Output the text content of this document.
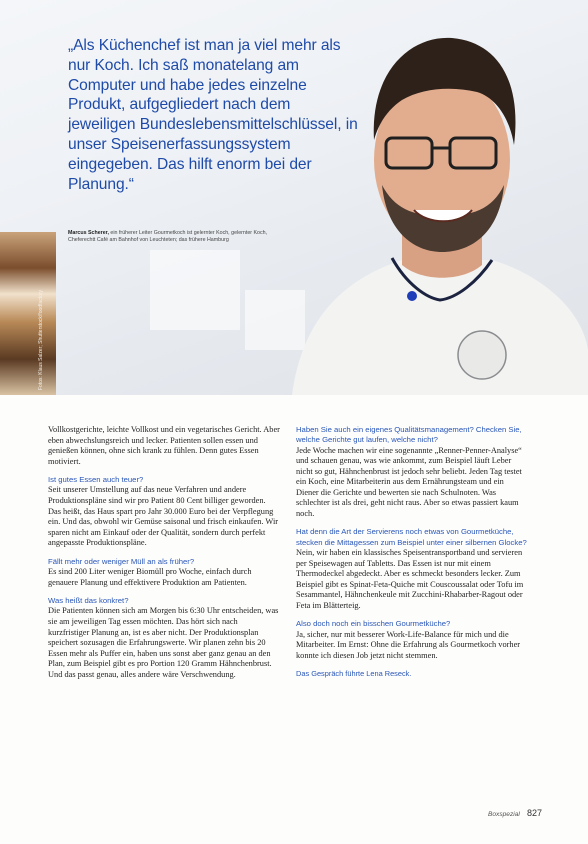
Fotos: Klaus Salzer; Shutterstock/foodfactory
„Als Küchenchef ist man ja viel mehr als nur Koch. Ich saß monatelang am Computer und habe jedes einzelne Produkt, aufgegliedert nach dem jeweiligen Bundeslebensmittelschlüssel, in unser Speisenerfassungssystem eingegeben. Das hilft enorm bei der Planung.“
Marcus Scherer, ein früherer Leiter Gourmetkoch ist gelernter Koch, gelernter Koch, Cheferechtt Café am Bahnhof von Leuchteten; das frühere Hamburg

Vollkostgerichte, leichte Vollkost und ein vegetarisches Gericht. Aber eben abwechslungsreich und lecker. Patienten sollen essen und genießen können, ohne sich krank zu fühlen. Denn gutes Essen motiviert.

Ist gutes Essen auch teuer?

Seit unserer Umstellung auf das neue Verfahren und andere Produktionspläne sind wir pro Patient 80 Cent billiger geworden. Das heißt, das Haus spart pro Jahr 30.000 Euro bei der Verpflegung ein. Und das, obwohl wir Gemüse saisonal und frisch einkaufen. Wir sparen nicht am Einkauf oder der Qualität, sondern durch perfekt angepasste Produktionspläne.

Fällt mehr oder weniger Müll an als früher?

Es sind 200 Liter weniger Biomüll pro Woche, einfach durch genauere Planung und effektivere Produktion am Patienten.

Was heißt das konkret?

Die Patienten können sich am Morgen bis 6:30 Uhr entscheiden, was sie am jeweiligen Tag essen möchten. Das hört sich nach kurzfristiger Planung an, ist es aber nicht. Der Produktionsplan speichert sozusagen die Erfahrungswerte. Wir planen zehn bis 20 Essen mehr als Puffer ein, haben uns sonst aber ganz genau an den Plan, zum Beispiel gibt es pro Portion 120 Gramm Hähnchenbrust. Und das passt genau, alles andere wäre Verschwendung.

Haben Sie auch ein eigenes Qualitätsmanagement? Checken Sie, welche Gerichte gut laufen, welche nicht?

Jede Woche machen wir eine sogenannte „Renner-Penner-Analyse“ und schauen genau, was wie ankommt, zum Beispiel läuft Leber nicht so gut, Hähnchenbrust ist jedoch sehr beliebt. Jeden Tag testet ein Koch, eine Mitarbeiterin aus dem Ernährungsteam und ein Diener die Gerichte und bewerten sie nach Schulnoten. Was schlechter ist als drei, geht nicht raus. Aber so etwas passiert kaum noch.

Hat denn die Art der Servierens noch etwas von Gourmetküche, stecken die Mittagessen zum Beispiel unter einer silbernen Glocke?

Nein, wir haben ein klassisches Speisentransportband und servieren per Speisewagen auf Tabletts. Das Essen ist nur mit einem Thermodeckel abgedeckt. Aber es schmeckt besonders lecker. Zum Beispiel gibt es Spinat-Feta-Quiche mit Couscoussalat oder Tofu im Sesammantel, Hähnchenkeule mit Zucchini-Rhabarber-Ragout oder Feta im Blätterteig.

Also doch noch ein bisschen Gourmetküche?

Ja, sicher, nur mit besserer Work-Life-Balance für mich und die Mitarbeiter. Im Ernst: Ohne die Erfahrung als Gourmetkoch vorher konnte ich diesen Job jetzt nicht stemmen.

Das Gespräch führte Lena Reseck.
Boxspezial 827
